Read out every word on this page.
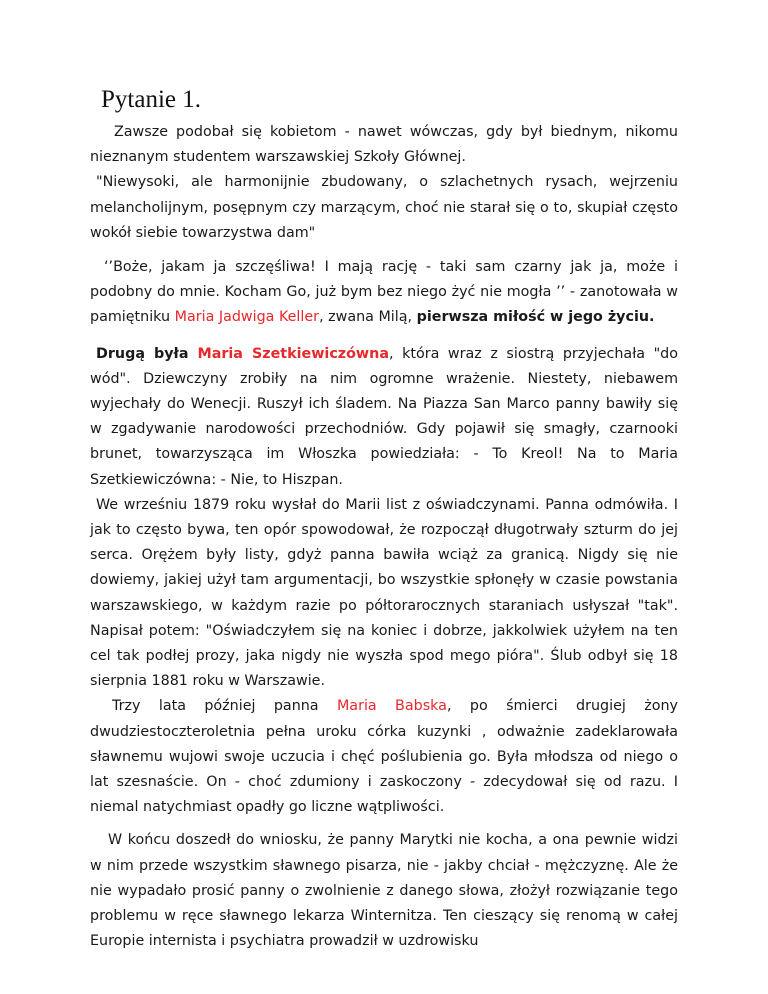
Pytanie 1.

Zawsze podobał się kobietom - nawet wówczas, gdy był biednym, nikomu nieznanym studentem warszawskiej Szkoły Głównej.

"Niewysoki, ale harmonijnie zbudowany, o szlachetnych rysach, wejrzeniu melancholijnym, posępnym czy marzącym, choć nie starał się o to, skupiał często wokół siebie towarzystwa dam"

‘’Boże, jakam ja szczęśliwa! I mają rację - taki sam czarny jak ja, może i podobny do mnie. Kocham Go, już bym bez niego żyć nie mogła ’’ - zanotowała w pamiętniku Maria Jadwiga Keller, zwana Milą, pierwsza miłość w jego życiu.

Drugą była Maria Szetkiewiczówna, która wraz z siostrą przyjechała "do wód". Dziewczyny zrobiły na nim ogromne wrażenie. Niestety, niebawem wyjechały do Wenecji. Ruszył ich śladem. Na Piazza San Marco panny bawiły się w zgadywanie narodowości przechodniów. Gdy pojawił się smagły, czarnooki brunet, towarzysząca im Włoszka powiedziała: - To Kreol! Na to Maria Szetkiewiczówna: - Nie, to Hiszpan.

We wrześniu 1879 roku wysłał do Marii list z oświadczynami. Panna odmówiła. I jak to często bywa, ten opór spowodował, że rozpoczął długotrwały szturm do jej serca. Orężem były listy, gdyż panna bawiła wciąż za granicą. Nigdy się nie dowiemy, jakiej użył tam argumentacji, bo wszystkie spłonęły w czasie powstania warszawskiego, w każdym razie po półtorarocznych staraniach usłyszał "tak". Napisał potem: "Oświadczyłem się na koniec i dobrze, jakkolwiek użyłem na ten cel tak podłej prozy, jaka nigdy nie wyszła spod mego pióra". Ślub odbył się 18 sierpnia 1881 roku w Warszawie.

Trzy lata później panna Maria Babska, po śmierci drugiej żony dwudziestoczteroletnia pełna uroku córka kuzynki , odważnie zadeklarowała sławnemu wujowi swoje uczucia i chęć poślubienia go. Była młodsza od niego o lat szesnaście. On - choć zdumiony i zaskoczony - zdecydował się od razu. I niemal natychmiast opadły go liczne wątpliwości.

W końcu doszedł do wniosku, że panny Marytki nie kocha, a ona pewnie widzi w nim przede wszystkim sławnego pisarza, nie - jakby chciał - mężczyznę. Ale że nie wypadało prosić panny o zwolnienie z danego słowa, złożył rozwiązanie tego problemu w ręce sławnego lekarza Winternitza. Ten cieszący się renomą w całej Europie internista i psychiatra prowadził w uzdrowisku
